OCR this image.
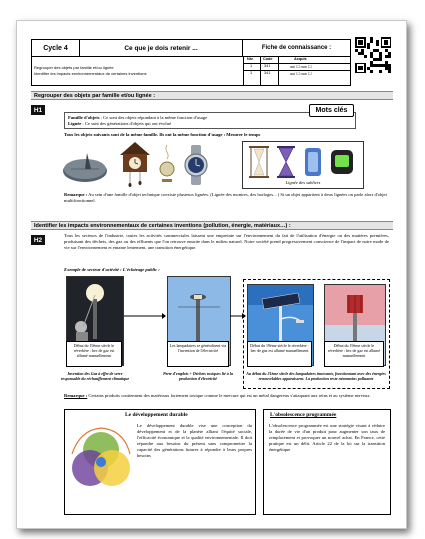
Cycle 4	Ce que je dois retenir ...	Fiche de connaissance :
Regrouper des objets par famille et/ou lignée
Identifier les impacts environnementaux de certaines inventions
Niv	Code	Acquis
1	341	oui ☐ non ☐
1	341	oui ☐ non ☐
Regrouper des objets par famille et/ou lignée :
H1
Famille d'objets : Ce sont des objets répondant à la même fonction d'usage
Lignée : Ce sont des générations d'objets qui ont évolué
Mots clés
Tous les objets suivants sont de la même famille. Ils ont la même fonction d'usage : Mesurer le temps
Lignée des sabliers
Remarque : Au sein d'une famille d'objet technique coexiste plusieurs lignées. (Lignée des montres, des horloges…) Si un objet appartient à deux lignées on parle alors d'objet multifonctionnel.
Identifier les impacts environnementaux de certaines inventions (pollution, énergie, matériaux…) :
H2
Tous les secteurs de l'industrie, toutes les activités commerciales laissent une empreinte sur l'environnement du fait de l'utilisation d'énergie ou des matières premières, produisant des déchets, des gaz ou des effluents que l'on retrouve ensuite dans le milieu naturel. Notre société prend progressivement conscience de l'impact de notre mode de vie sur l'environnement et entame lentement, une transition énergétique.
Exemple de secteur d'activité : L'éclairage public :
Début du 19ème siècle le réverbère : bec de gaz est allumé manuellement
Les lampadaires se généralisent via l'invention de l'électricité
Début du 19ème siècle le réverbère : bec de gaz est allumé manuellement
Début du 19ème siècle le réverbère : bec de gaz est allumé manuellement
Invention des Gaz à effet de serre responsable du réchauffement climatique
Perte d'emplois + Déchets toxiques lié à la production d'électricité
Au début du 21ème siècle des lampadaires innovants, fonctionnant avec des énergies renouvelables apparaissent. La production reste néanmoins polluante
Remarque : Certains produits contiennent des matériaux fortement toxique comme le mercure qui est un métal dangereux s'attaquant aux reins et au système nerveux.
Le développement durable
Le développement durable vise une conception du développement et de la planète alliant l'équité sociale, l'efficacité économique et la qualité environnementale. Il doit répondre aux besoins du présent sans compromettre la capacité des générations futures à répondre à leurs propres besoins
L'obsolescence programmée
L'obsolescence programmée est une stratégie visant à réduire la durée de vie d'un produit pour augmenter son taux de remplacement et provoquer un nouvel achat. En France, cette pratique est un délit. Article 22 de la loi sur la transition énergétique
